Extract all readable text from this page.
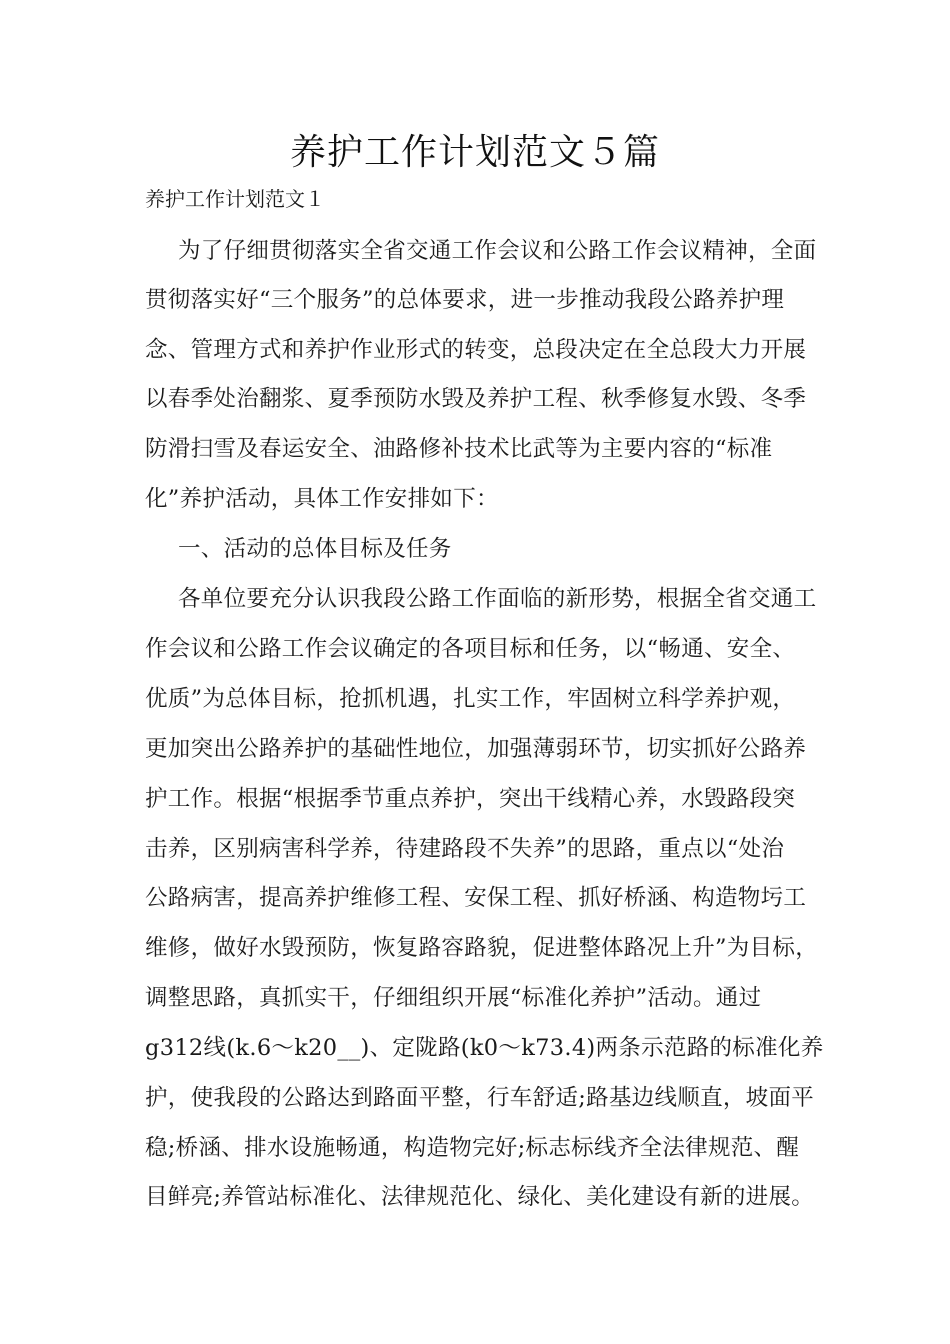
养护工作计划范文５篇

养护工作计划范文１

为了仔细贯彻落实全省交通工作会议和公路工作会议精神，全面

贯彻落实好“三个服务”的总体要求，进一步推动我段公路养护理

念、管理方式和养护作业形式的转变，总段决定在全总段大力开展

以春季处治翻浆、夏季预防水毁及养护工程、秋季修复水毁、冬季

防滑扫雪及春运安全、油路修补技术比武等为主要内容的“标准

化”养护活动，具体工作安排如下：

一、活动的总体目标及任务

各单位要充分认识我段公路工作面临的新形势，根据全省交通工

作会议和公路工作会议确定的各项目标和任务，以“畅通、安全、

优质”为总体目标，抢抓机遇，扎实工作，牢固树立科学养护观，

更加突出公路养护的基础性地位，加强薄弱环节，切实抓好公路养

护工作。根据“根据季节重点养护，突出干线精心养，水毁路段突

击养，区别病害科学养，待建路段不失养”的思路，重点以“处治

公路病害，提高养护维修工程、安保工程、抓好桥涵、构造物圬工

维修，做好水毁预防，恢复路容路貌，促进整体路况上升”为目标，

调整思路，真抓实干，仔细组织开展“标准化养护”活动。通过

g312线(k.6～k20__)、定陇路(k0～k73.4)两条示范路的标准化养

护，使我段的公路达到路面平整，行车舒适;路基边线顺直，坡面平

稳;桥涵、排水设施畅通，构造物完好;标志标线齐全法律规范、醒

目鲜亮;养管站标准化、法律规范化、绿化、美化建设有新的进展。
